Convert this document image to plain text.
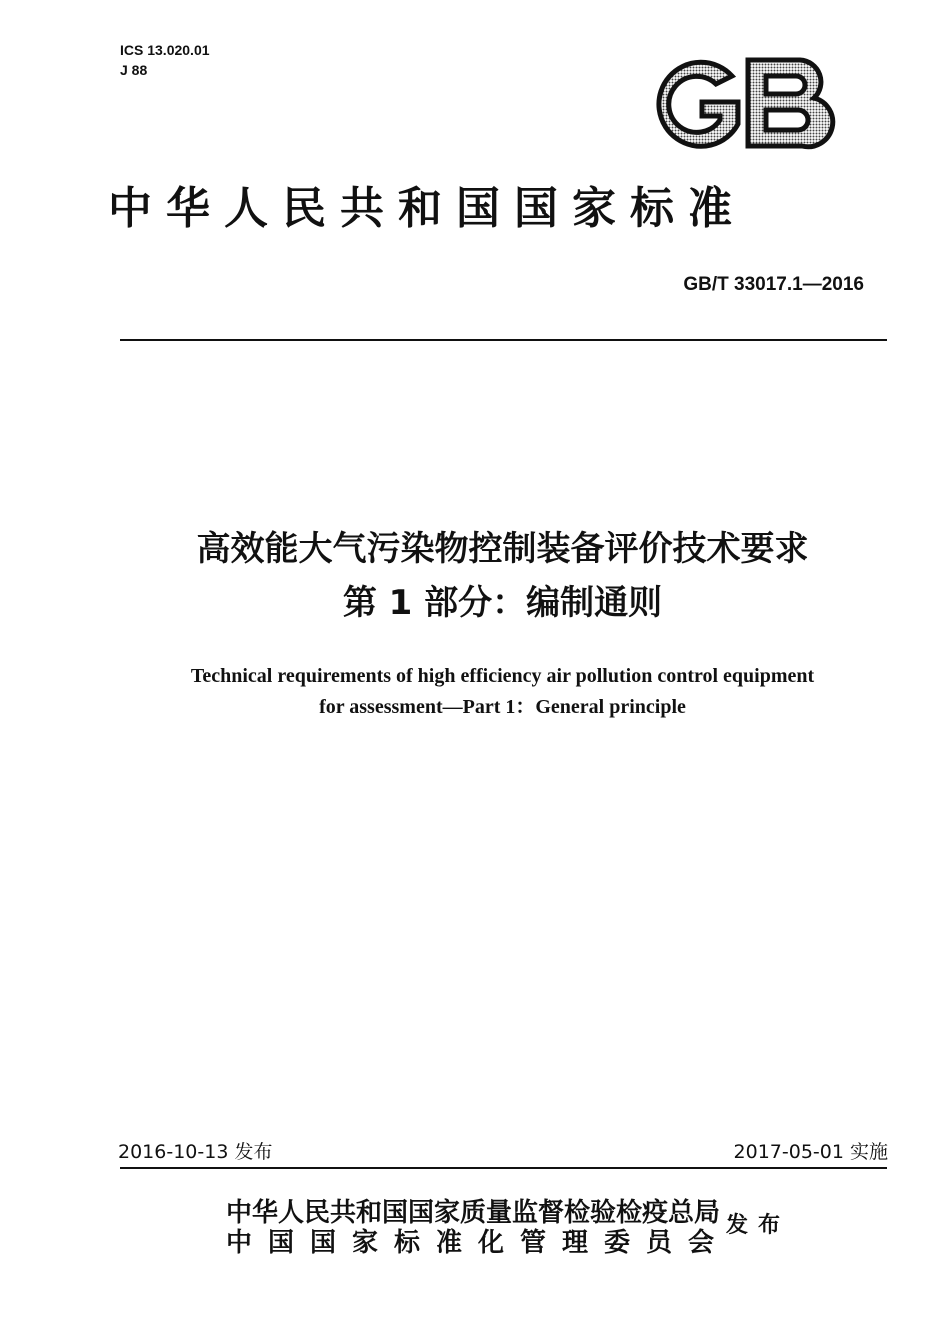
ICS 13.020.01
J 88
中华人民共和国国家标准
GB/T 33017.1—2016
高效能大气污染物控制装备评价技术要求
第 1 部分：编制通则
Technical requirements of high efficiency air pollution control equipment
for assessment—Part 1：General principle
2016-10-13 发布	2017-05-01 实施
中华人民共和国国家质量监督检验检疫总局
中国国家标准化管理委员会
发布
